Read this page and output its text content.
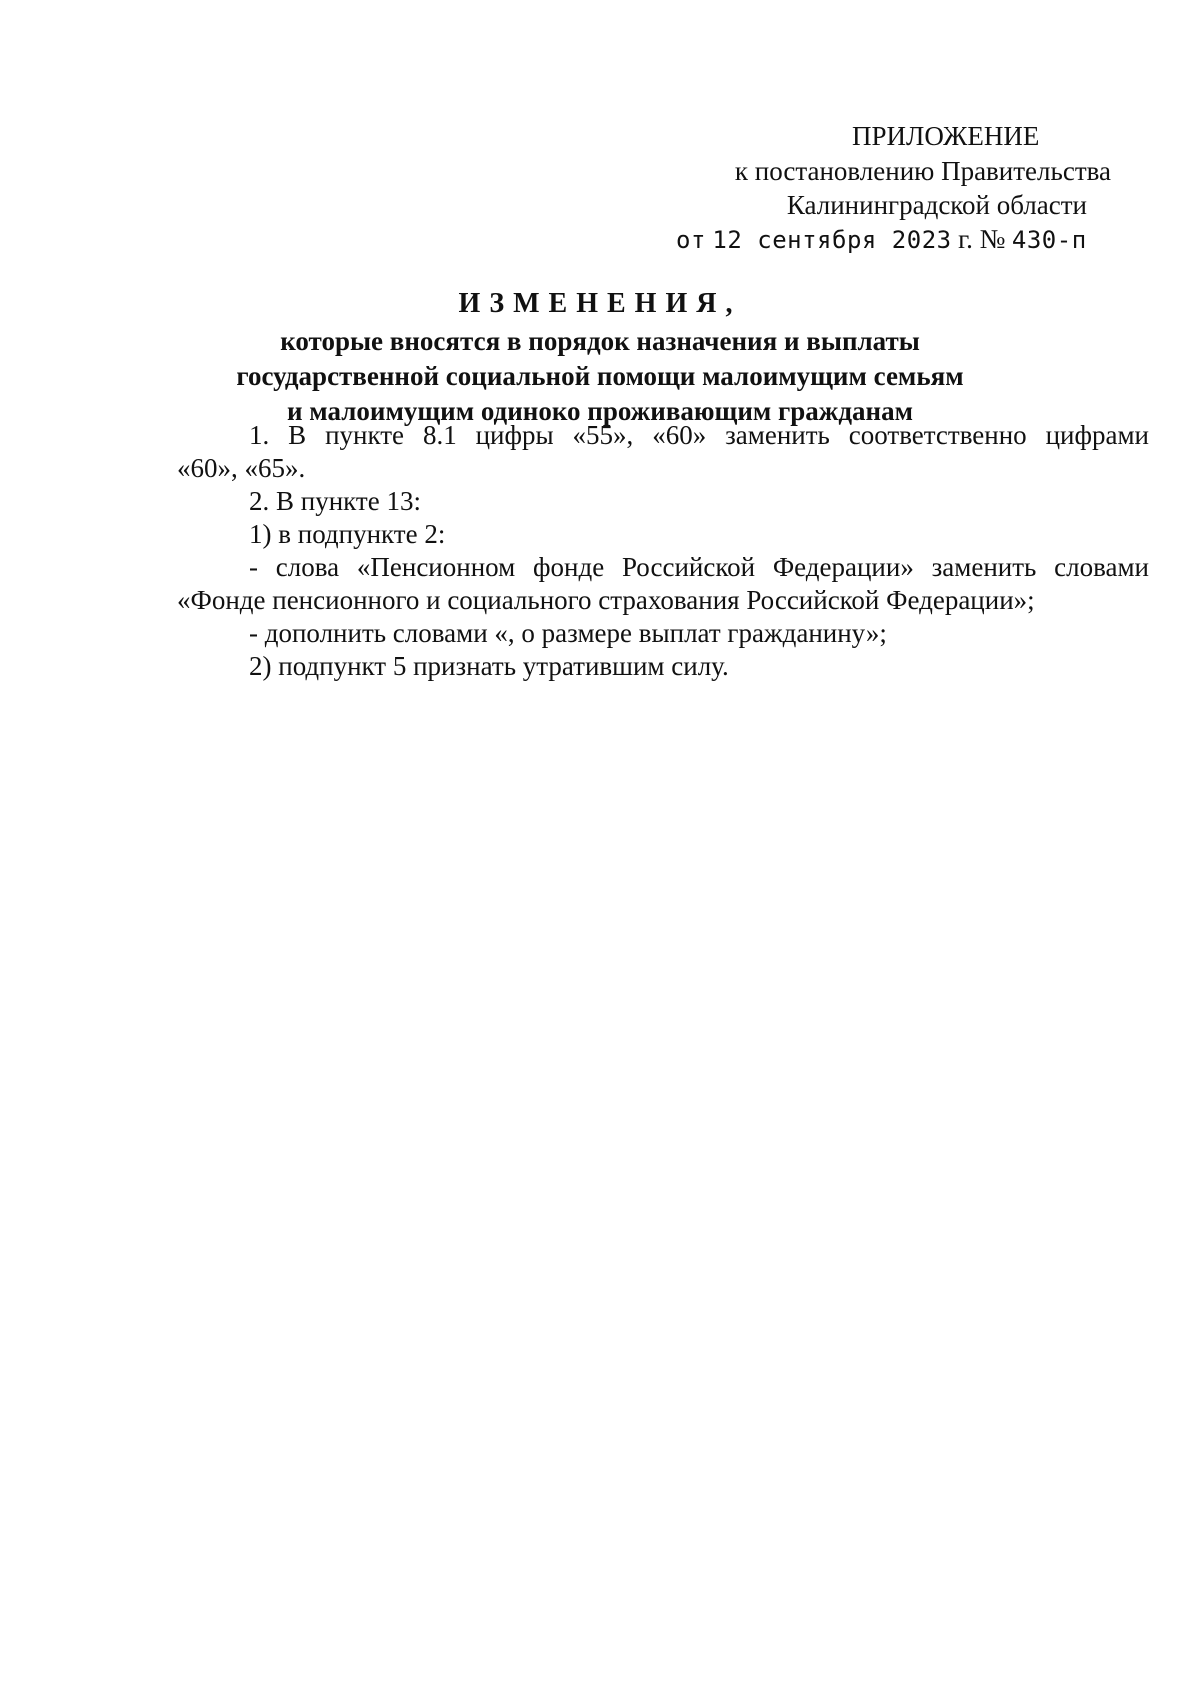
ПРИЛОЖЕНИЕ
к постановлению Правительства
Калининградской области
от 12 сентября 2023 г. № 430-п
ИЗМЕНЕНИЯ,
которые вносятся в порядок назначения и выплаты
государственной социальной помощи малоимущим семьям
и малоимущим одиноко проживающим гражданам
1. В пункте 8.1 цифры «55», «60» заменить соответственно цифрами
«60», «65».
2. В пункте 13:
1) в подпункте 2:
- слова «Пенсионном фонде Российской Федерации» заменить словами
«Фонде пенсионного и социального страхования Российской Федерации»;
- дополнить словами «, о размере выплат гражданину»;
2) подпункт 5 признать утратившим силу.
